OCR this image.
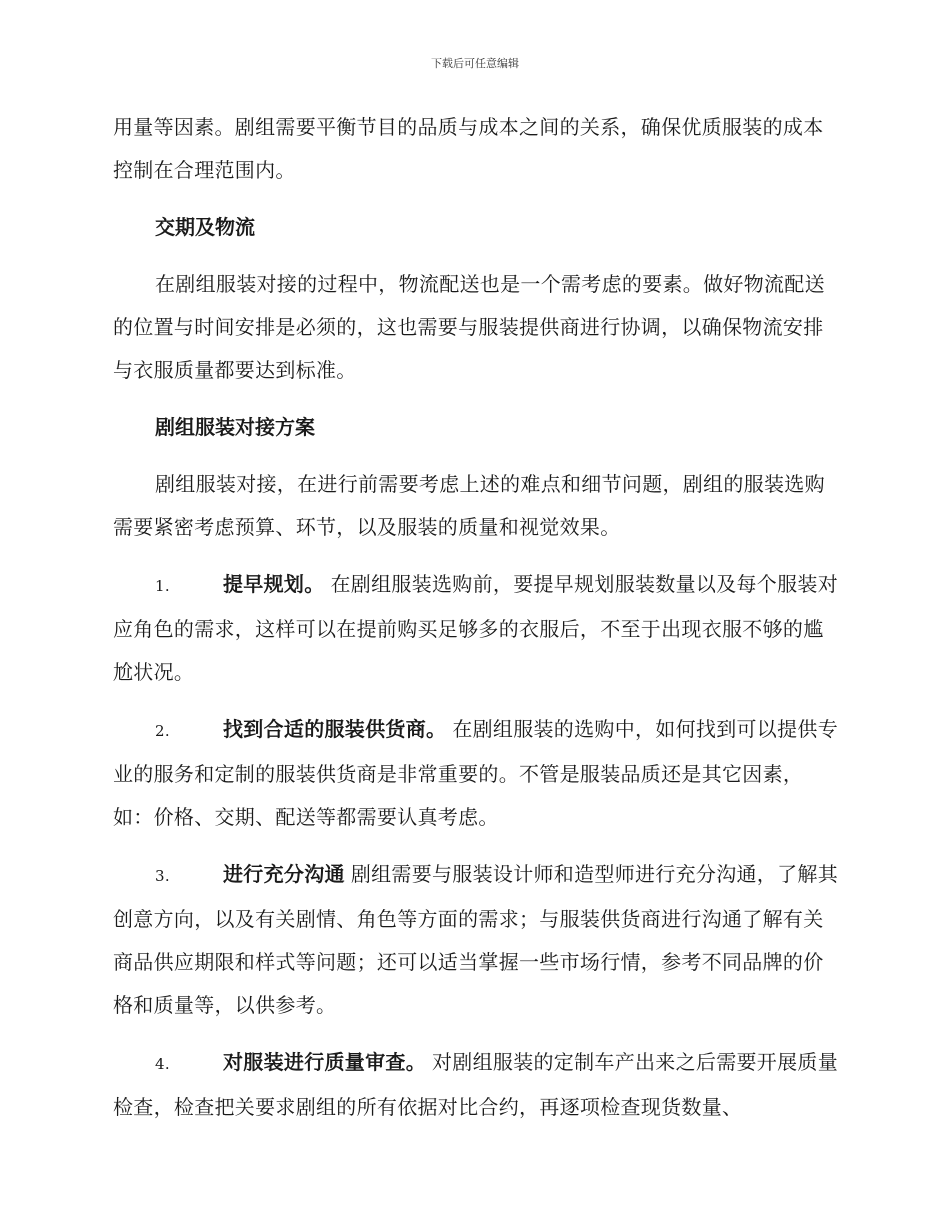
下载后可任意编辑

用量等因素。剧组需要平衡节目的品质与成本之间的关系，确保优质服装的成本控制在合理范围内。

交期及物流

在剧组服装对接的过程中，物流配送也是一个需考虑的要素。做好物流配送的位置与时间安排是必须的，这也需要与服装提供商进行协调，以确保物流安排与衣服质量都要达到标准。

剧组服装对接方案

剧组服装对接，在进行前需要考虑上述的难点和细节问题，剧组的服装选购需要紧密考虑预算、环节，以及服装的质量和视觉效果。

1.	提早规划。 在剧组服装选购前，要提早规划服装数量以及每个服装对应角色的需求，这样可以在提前购买足够多的衣服后，不至于出现衣服不够的尴尬状况。

2.	找到合适的服装供货商。 在剧组服装的选购中，如何找到可以提供专业的服务和定制的服装供货商是非常重要的。不管是服装品质还是其它因素，如：价格、交期、配送等都需要认真考虑。

3.	进行充分沟通 剧组需要与服装设计师和造型师进行充分沟通，了解其创意方向，以及有关剧情、角色等方面的需求；与服装供货商进行沟通了解有关商品供应期限和样式等问题；还可以适当掌握一些市场行情，参考不同品牌的价格和质量等，以供参考。

4.	对服装进行质量审查。 对剧组服装的定制车产出来之后需要开展质量检查，检查把关要求剧组的所有依据对比合约，再逐项检查现货数量、
